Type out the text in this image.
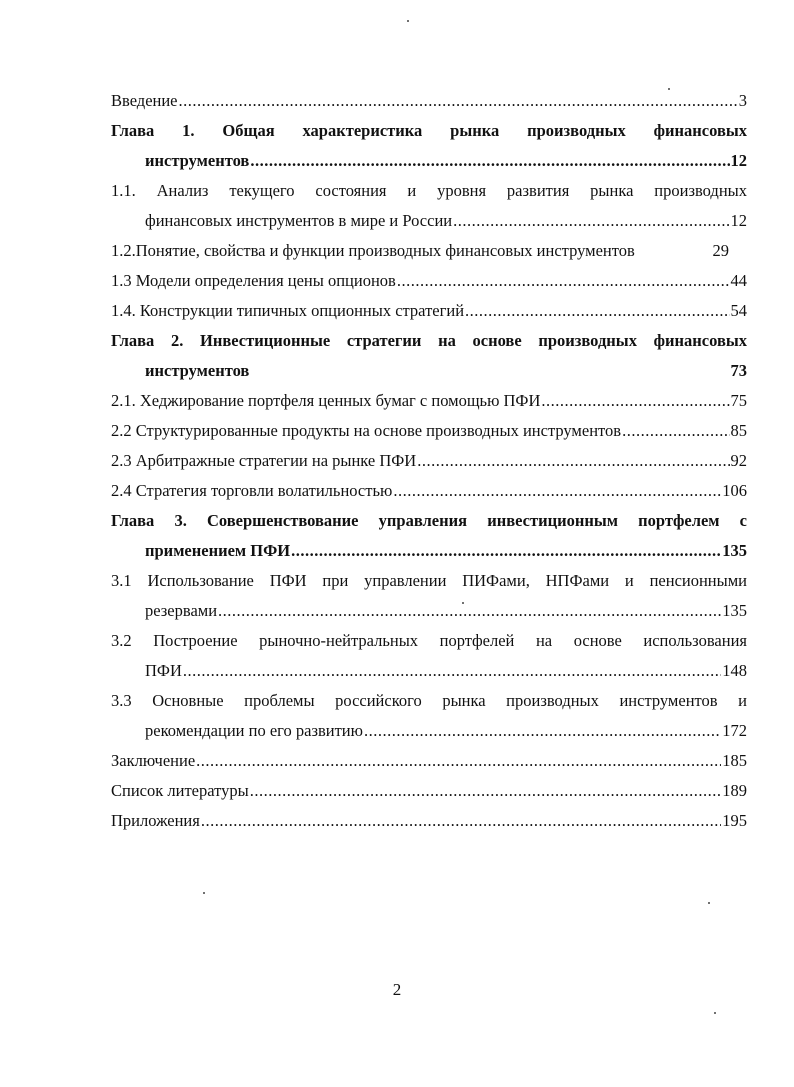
Введение .....	3
Глава 1. Общая характеристика рынка производных финансовых
инструментов .....	12
1.1. Анализ текущего состояния и уровня развития рынка производных
финансовых инструментов в мире и России .....	12
1.2.Понятие, свойства и функции производных финансовых инструментов	29
1.3 Модели определения цены опционов .....	44
1.4. Конструкции типичных опционных стратегий .....	54
Глава 2. Инвестиционные стратегии на основе производных финансовых
инструментов	73
2.1. Хеджирование портфеля ценных бумаг с помощью ПФИ .....	75
2.2 Структурированные продукты на основе производных инструментов .....	85
2.3 Арбитражные стратегии на рынке ПФИ .....	92
2.4 Стратегия торговли волатильностью .....	106
Глава 3. Совершенствование управления инвестиционным портфелем с
применением ПФИ .....	135
3.1 Использование ПФИ при управлении ПИФами, НПФами и пенсионными
резервами .....	135
3.2 Построение рыночно-нейтральных портфелей на основе использования
ПФИ .....	148
3.3 Основные проблемы российского рынка производных инструментов и
рекомендации по его развитию .....	172
Заключение .....	185
Список литературы .....	189
Приложения .....	195
2
